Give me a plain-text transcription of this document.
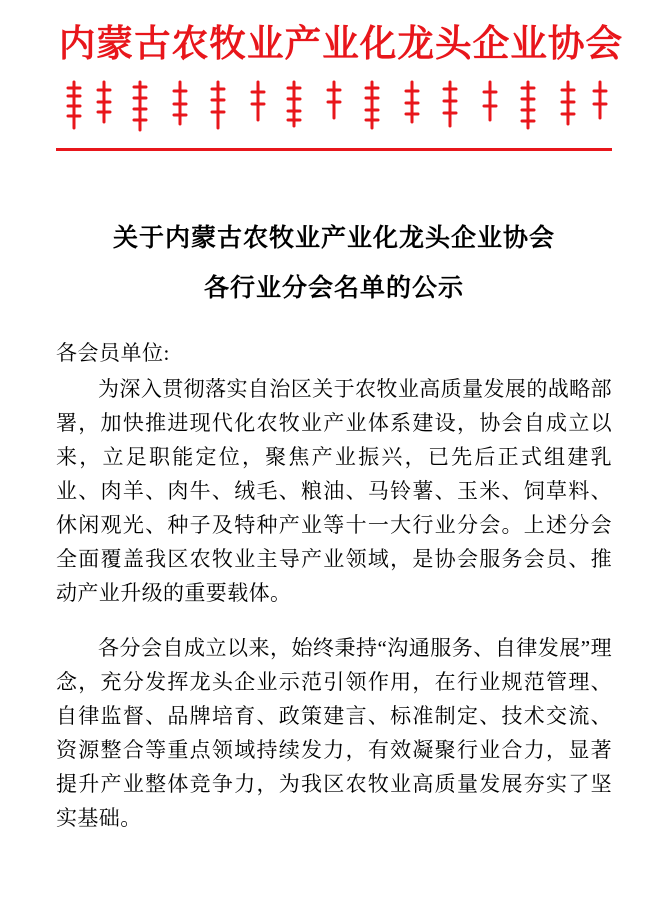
内蒙古农牧业产业化龙头企业协会
关于内蒙古农牧业产业化龙头企业协会
各行业分会名单的公示
各会员单位:

为深入贯彻落实自治区关于农牧业高质量发展的战略部署，加快推进现代化农牧业产业体系建设，协会自成立以来，立足职能定位，聚焦产业振兴，已先后正式组建乳业、肉羊、肉牛、绒毛、粮油、马铃薯、玉米、饲草料、休闲观光、种子及特种产业等十一大行业分会。上述分会全面覆盖我区农牧业主导产业领域，是协会服务会员、推动产业升级的重要载体。

各分会自成立以来，始终秉持“沟通服务、自律发展”理念，充分发挥龙头企业示范引领作用，在行业规范管理、自律监督、品牌培育、政策建言、标准制定、技术交流、资源整合等重点领域持续发力，有效凝聚行业合力，显著提升产业整体竞争力，为我区农牧业高质量发展夯实了坚实基础。
